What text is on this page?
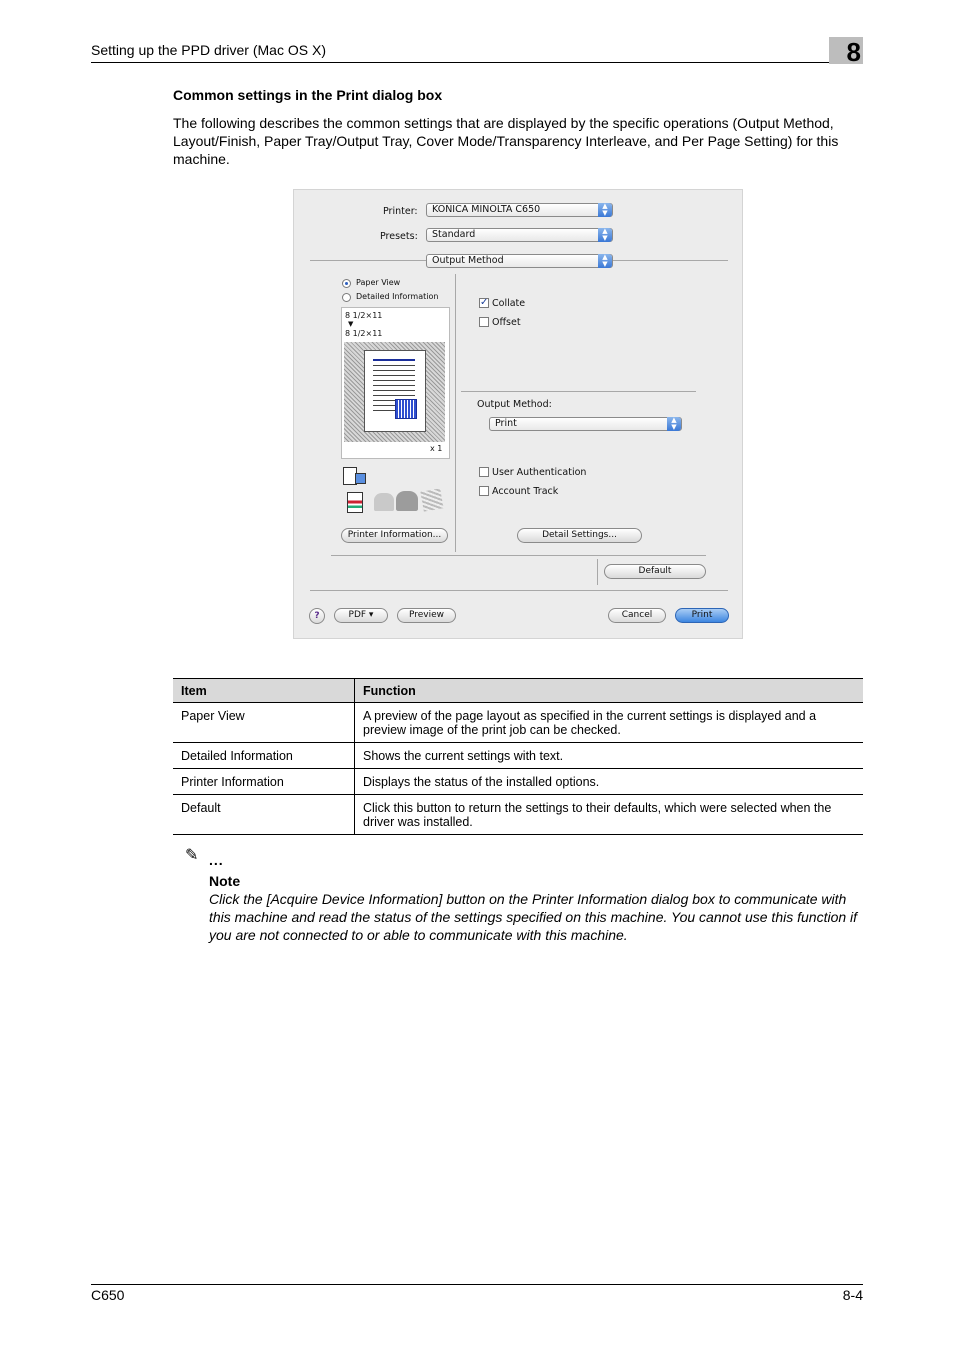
Setting up the PPD driver (Mac OS X)	8
Common settings in the Print dialog box
The following describes the common settings that are displayed by the specific operations (Output Method, Layout/Finish, Paper Tray/Output Tray, Cover Mode/Transparency Interleave, and Per Page Setting) for this machine.
Printer:	KONICA MINOLTA C650	▲
▼
Presets:	Standard	▲
▼
Output Method	▲
▼
Paper View
Detailed Information
8 1/2×11
▼
8 1/2×11
x 1
Printer Information...
✓ Collate
Offset
Output Method:
Print	▲
▼
User Authentication
Account Track
Detail Settings...
Default
?	PDF ▾	Preview	Cancel	Print
Item	Function
Paper View	A preview of the page layout as specified in the current settings is displayed and a preview image of the print job can be checked.
Detailed Information	Shows the current settings with text.
Printer Information	Displays the status of the installed options.
Default	Click this button to return the settings to their defaults, which were selected when the driver was installed.
✎ ...
Note
Click the [Acquire Device Information] button on the Printer Information dialog box to communicate with this machine and read the status of the settings specified on this machine. You cannot use this function if you are not connected to or able to communicate with this machine.
C650	8-4
